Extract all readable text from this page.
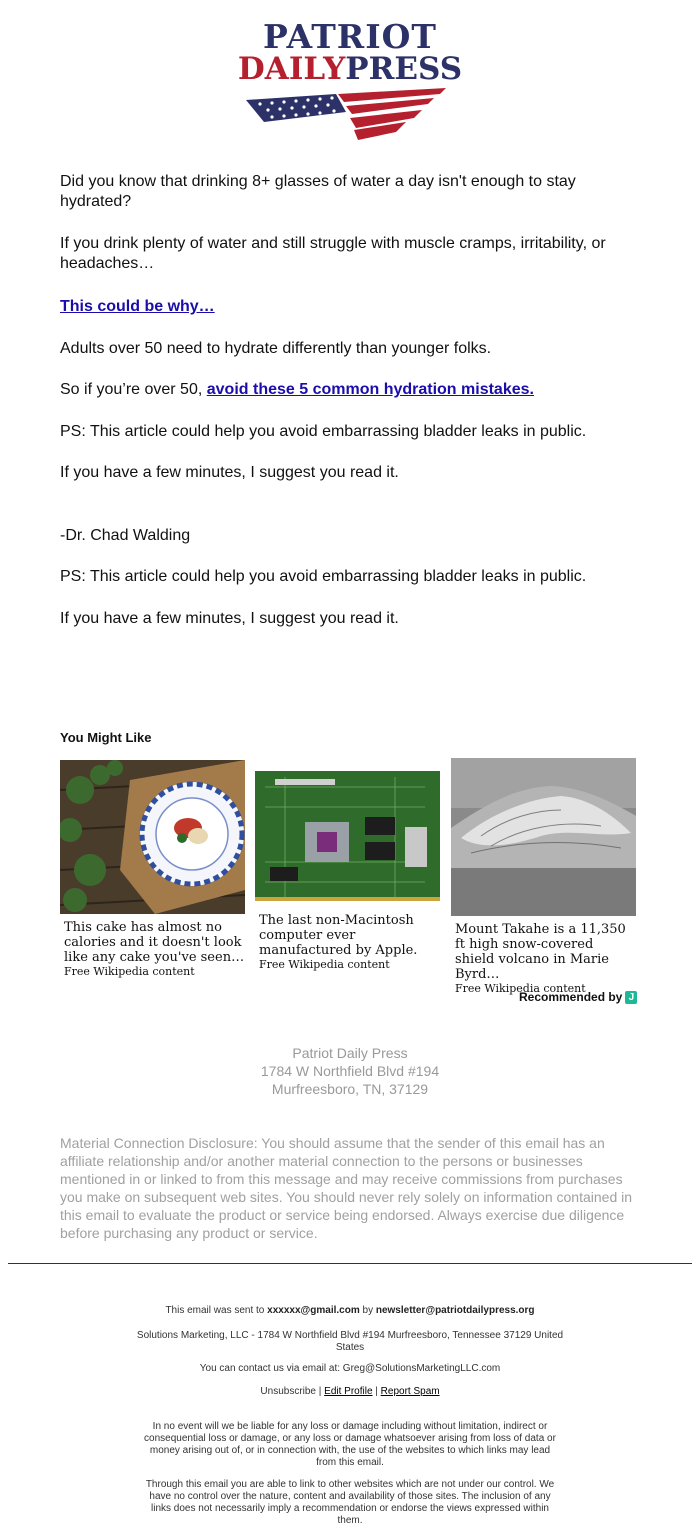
PATRIOT
DAILYPRESS

Did you know that drinking 8+ glasses of water a day isn't enough to stay hydrated?

If you drink plenty of water and still struggle with muscle cramps, irritability, or headaches…

This could be why…

Adults over 50 need to hydrate differently than younger folks.

So if you’re over 50, avoid these 5 common hydration mistakes.

PS: This article could help you avoid embarrassing bladder leaks in public.

If you have a few minutes, I suggest you read it.

-Dr. Chad Walding

PS: This article could help you avoid embarrassing bladder leaks in public.

If you have a few minutes, I suggest you read it.

You Might Like
This cake has almost no calories and it doesn't look like any cake you've seen…
Free Wikipedia content
The last non-Macintosh computer ever manufactured by Apple.
Free Wikipedia content
Mount Takahe is a 11,350 ft high snow-covered shield volcano in Marie Byrd…
Free Wikipedia content
Recommended by J
Patriot Daily Press
1784 W Northfield Blvd #194
Murfreesboro, TN, 37129
Material Connection Disclosure: You should assume that the sender of this email has an affiliate relationship and/or another material connection to the persons or businesses mentioned in or linked to from this message and may receive commissions from purchases you make on subsequent web sites. You should never rely solely on information contained in this email to evaluate the product or service being endorsed. Always exercise due diligence before purchasing any product or service.
This email was sent to xxxxxx@gmail.com by newsletter@patriotdailypress.org
Solutions Marketing, LLC - 1784 W Northfield Blvd #194 Murfreesboro, Tennessee 37129 United States
You can contact us via email at: Greg@SolutionsMarketingLLC.com
Unsubscribe | Edit Profile | Report Spam
In no event will we be liable for any loss or damage including without limitation, indirect or consequential loss or damage, or any loss or damage whatsoever arising from loss of data or money arising out of, or in connection with, the use of the websites to which links may lead from this email.
Through this email you are able to link to other websites which are not under our control. We have no control over the nature, content and availability of those sites. The inclusion of any links does not necessarily imply a recommendation or endorse the views expressed within them.
